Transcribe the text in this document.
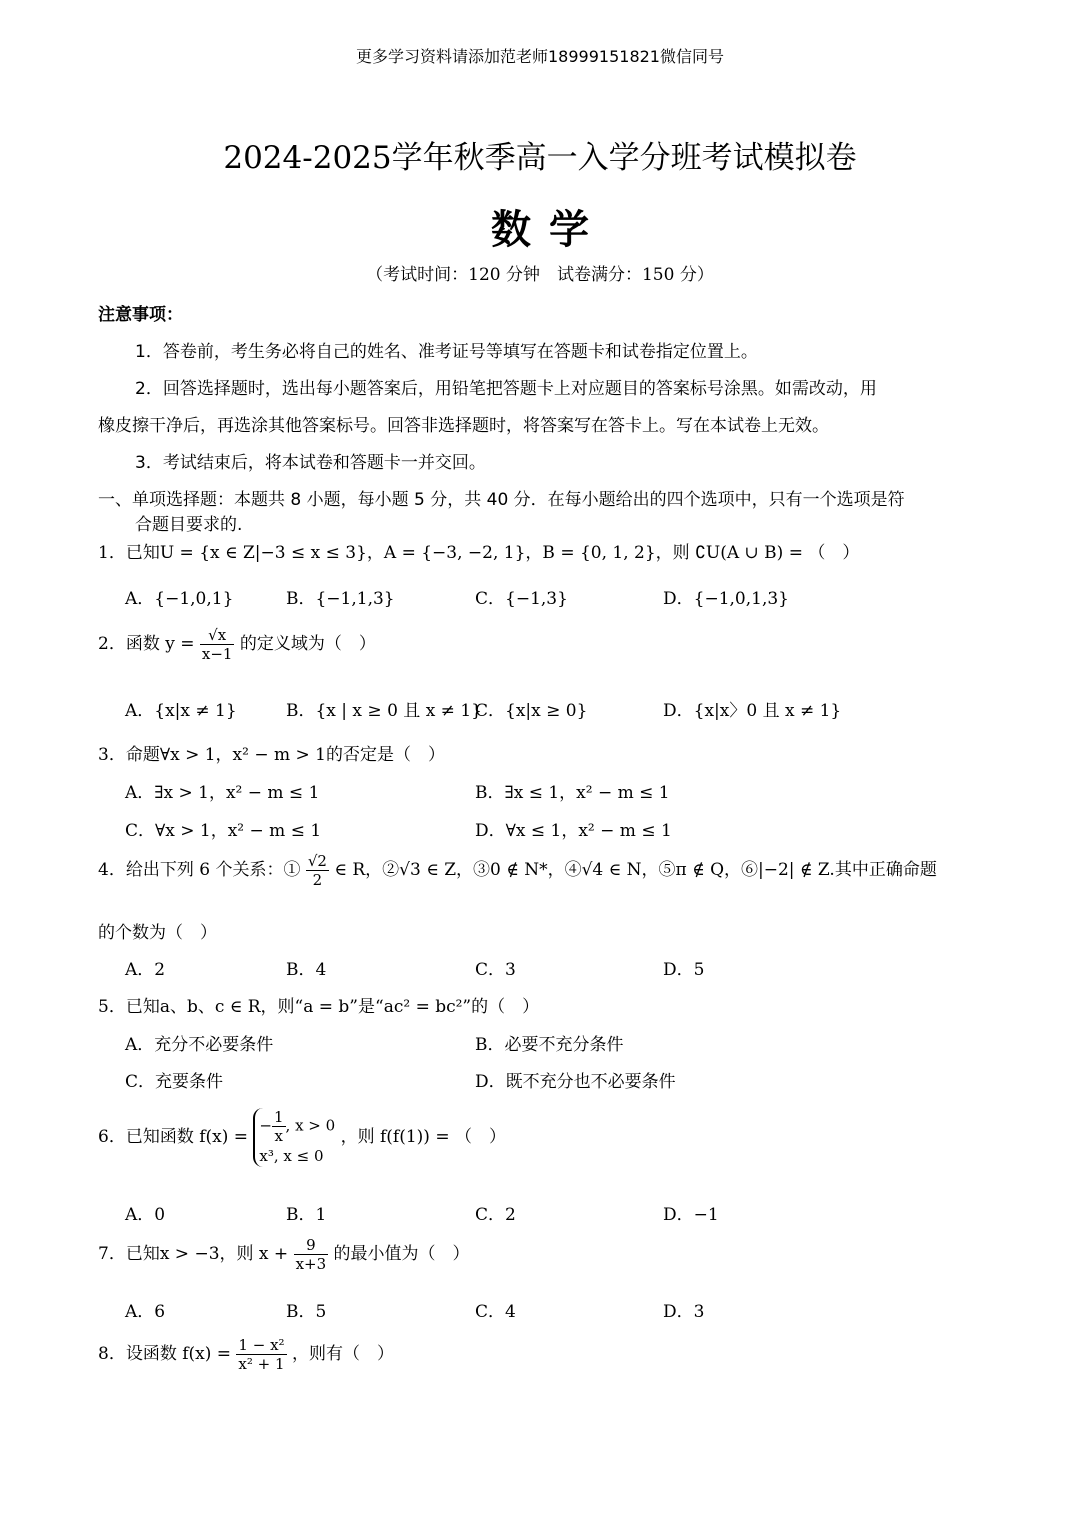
更多学习资料请添加范老师18999151821微信同号
2024-2025学年秋季高一入学分班考试模拟卷
数学
（考试时间：120 分钟　试卷满分：150 分）
注意事项：
1．答卷前，考生务必将自己的姓名、准考证号等填写在答题卡和试卷指定位置上。
2．回答选择题时，选出每小题答案后，用铅笔把答题卡上对应题目的答案标号涂黑。如需改动，用
橡皮擦干净后，再选涂其他答案标号。回答非选择题时，将答案写在答卡上。写在本试卷上无效。
3．考试结束后，将本试卷和答题卡一并交回。
一、单项选择题：本题共 8 小题，每小题 5 分，共 40 分．在每小题给出的四个选项中，只有一个选项是符
合题目要求的.
1．已知U = {x ∈ Z|−3 ≤ x ≤ 3}，A = {−3, −2, 1}，B = {0, 1, 2}，则 ∁U(A ∪ B) = （　）
A．{−1,0,1}	B．{−1,1,3}	C．{−1,3}	D．{−1,0,1,3}
2．函数 $y = \frac{√x}{x-1}$ 的定义域为（　）
A．{x|x ≠ 1}	B．{x | x ≥ 0 且 x ≠ 1}
C．{x|x ≥ 0}	D．{x|x〉0 且 x ≠ 1}
3．命题∀x > 1，x² − m > 1的否定是（　）
A．∃x > 1，x² − m ≤ 1	B．∃x ≤ 1，x² − m ≤ 1
C．∀x > 1，x² − m ≤ 1	D．∀x ≤ 1，x² − m ≤ 1
4．给出下列 6 个关系：① $\frac{√2}{2}$ ∈ R，②√3 ∈ Z，③0 ∉ N*，④√4 ∈ N，⑤π ∉ Q，⑥|−2| ∉ Z.其中正确命题
的个数为（　）
A．2	B．4	C．3	D．5
5．已知a、b、c ∈ R，则“a = b”是“ac² = bc²”的（　）
A．充分不必要条件	B．必要不充分条件
C．充要条件	D．既不充分也不必要条件
6．已知函数 f(x) =
− $\frac{1}{x}$ , x > 0
x³, x ≤ 0
，则 f(f(1)) = （　）
A．0	B．1	C．2	D．−1
7．已知x > −3，则 $x + \frac{9}{x+3}$ 的最小值为（　）
A．6	B．5	C．4	D．3
8．设函数 $f(x) = \frac{\text{1 − x²}}{\text{x² + 1}}$ ，则有（　）
